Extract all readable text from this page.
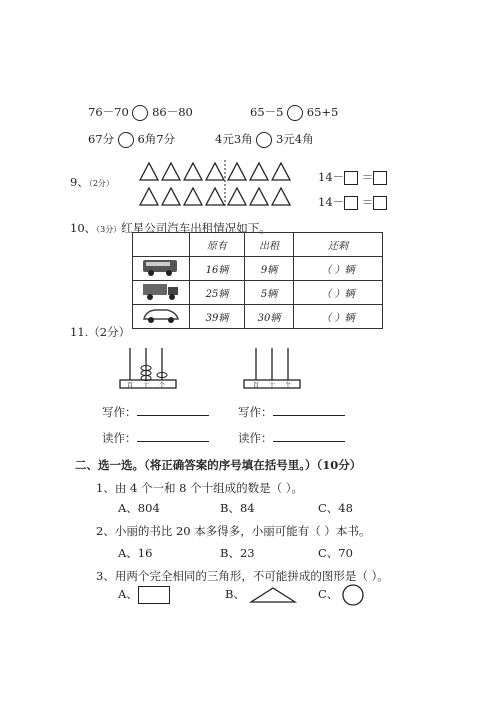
76－70 86－80	65－5 65+5
67分 6角7分	4元3角 3元4角
9、（2分）	14－ ＝
14－ ＝
10、（3分）红星公司汽车出租情况如下。
	原有	出租	还剩
	16辆	9辆	（ ）辆
	25辆	5辆	（ ）辆
	39辆	30辆	（ ）辆
11.（2分）
百 十 个	百 十 个
写作：	写作：
读作：	读作：
二、选一选。（将正确答案的序号填在括号里。）（10分）
1、由 4 个一和 8 个十组成的数是（ ）。
A、804	B、84	C、48
2、小丽的书比 20 本多得多，小丽可能有（ ）本书。
A、16	B、23	C、70
3、用两个完全相同的三角形，不可能拼成的图形是（ ）。
A、	B、	C、
